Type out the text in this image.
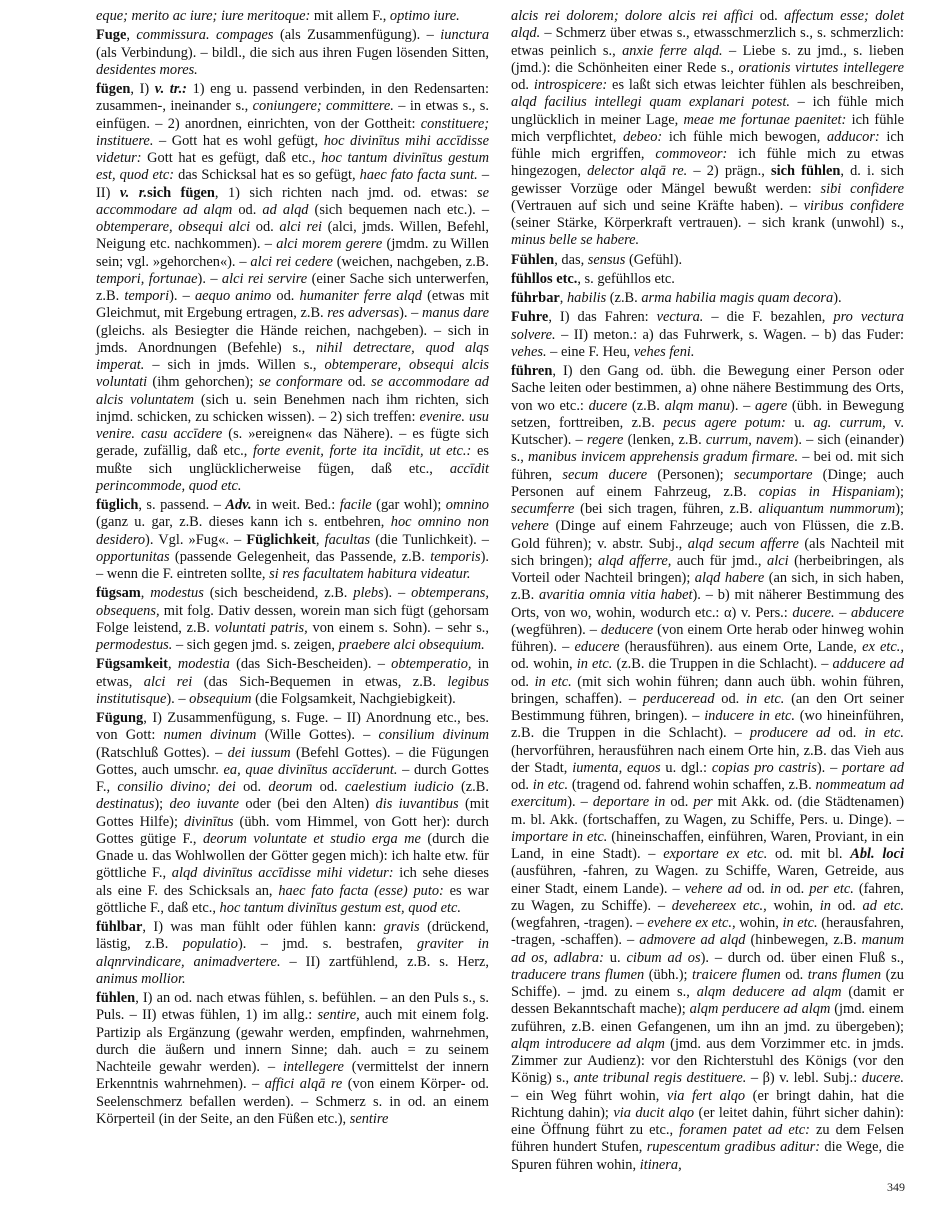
eque; merito ac iure; iure meritoque: mit allem F., optimo iure.

Fuge, commissura. compages (als Zusammenfügung). – iunctura (als Verbindung). – bildl., die sich aus ihren Fugen lösenden Sitten, desidentes mores.

fügen, I) v. tr.: 1) eng u. passend verbinden, in den Redensarten: zusammen-, ineinander s., coniungere; committere. – in etwas s., s. einfügen. – 2) anordnen, einrichten, von der Gottheit: constituere; instituere. – Gott hat es wohl gefügt, hoc divinītus mihi accīdisse videtur: Gott hat es gefügt, daß etc., hoc tantum divinītus gestum est, quod etc: das Schicksal hat es so gefügt, haec fato facta sunt. – II) v. r.sich fügen, 1) sich richten nach jmd. od. etwas: se accommodare ad alqm od. ad alqd (sich bequemen nach etc.). – obtemperare, obsequi alci od. alci rei (alci, jmds. Willen, Befehl, Neigung etc. nachkommen). – alci morem gerere (jmdm. zu Willen sein; vgl. »gehorchen«). – alci rei cedere (weichen, nachgeben, z.B. tempori, fortunae). – alci rei servire (einer Sache sich unterwerfen, z.B. tempori). – aequo animo od. humaniter ferre alqd (etwas mit Gleichmut, mit Ergebung ertragen, z.B. res adversas). – manus dare (gleichs. als Besiegter die Hände reichen, nachgeben). – sich in jmds. Anordnungen (Befehle) s., nihil detrectare, quod alqs imperat. – sich in jmds. Willen s., obtemperare, obsequi alcis voluntati (ihm gehorchen); se conformare od. se accommodare ad alcis voluntatem (sich u. sein Benehmen nach ihm richten, sich injmd. schicken, zu schicken wissen). – 2) sich treffen: evenire. usu venire. casu accīdere (s. »ereignen« das Nähere). – es fügte sich gerade, zufällig, daß etc., forte evenit, forte ita incīdit, ut etc.: es mußte sich unglücklicherweise fügen, daß etc., accīdit perincommode, quod etc.

füglich, s. passend. – Adv. in weit. Bed.: facile (gar wohl); omnino (ganz u. gar, z.B. dieses kann ich s. entbehren, hoc omnino non desidero). Vgl. »Fug«. – Füglichkeit, facultas (die Tunlichkeit). – opportunitas (passende Gelegenheit, das Passende, z.B. temporis). – wenn die F. eintreten sollte, si res facultatem habitura videatur.

fügsam, modestus (sich bescheidend, z.B. plebs). – obtemperans, obsequens, mit folg. Dativ dessen, worein man sich fügt (gehorsam Folge leistend, z.B. voluntati patris, von einem s. Sohn). – sehr s., permodestus. – sich gegen jmd. s. zeigen, praebere alci obsequium.

Fügsamkeit, modestia (das Sich-Bescheiden). – obtemperatio, in etwas, alci rei (das Sich-Bequemen in etwas, z.B. legibus institutisque). – obsequium (die Folgsamkeit, Nachgiebigkeit).

Fügung, I) Zusammenfügung, s. Fuge. – II) Anordnung etc., bes. von Gott: numen divinum (Wille Gottes). – consilium divinum (Ratschluß Gottes). – dei iussum (Befehl Gottes). – die Fügungen Gottes, auch umschr. ea, quae divinītus accīderunt. – durch Gottes F., consilio divino; dei od. deorum od. caelestium iudicio (z.B. destinatus); deo iuvante oder (bei den Alten) dis iuvantibus (mit Gottes Hilfe); divinītus (übh. vom Himmel, von Gott her): durch Gottes gütige F., deorum voluntate et studio erga me (durch die Gnade u. das Wohlwollen der Götter gegen mich): ich halte etw. für göttliche F., alqd divinītus accīdisse mihi videtur: ich sehe dieses als eine F. des Schicksals an, haec fato facta (esse) puto: es war göttliche F., daß etc., hoc tantum divinītus gestum est, quod etc.

fühlbar, I) was man fühlt oder fühlen kann: gravis (drückend, lästig, z.B. populatio). – jmd. s. bestrafen, graviter in alqnrvindicare, animadvertere. – II) zartfühlend, z.B. s. Herz, animus mollior.

fühlen, I) an od. nach etwas fühlen, s. befühlen. – an den Puls s., s. Puls. – II) etwas fühlen, 1) im allg.: sentire, auch mit einem folg. Partizip als Ergänzung (gewahr werden, empfinden, wahrnehmen, durch die äußern und innern Sinne; dah. auch = zu seinem Nachteile gewahr werden). – intellegere (vermittelst der innern Erkenntnis wahrnehmen). – affici alqā re (von einem Körper- od. Seelenschmerz befallen werden). – Schmerz s. in od. an einem Körperteil (in der Seite, an den Füßen etc.), sentire

alcis rei dolorem; dolore alcis rei affici od. affectum esse; dolet alqd. – Schmerz über etwas s., etwasschmerzlich s., s. schmerzlich: etwas peinlich s., anxie ferre alqd. – Liebe s. zu jmd., s. lieben (jmd.): die Schönheiten einer Rede s., orationis virtutes intellegere od. introspicere: es laßt sich etwas leichter fühlen als beschreiben, alqd facilius intellegi quam explanari potest. – ich fühle mich unglücklich in meiner Lage, meae me fortunae paenitet: ich fühle mich verpflichtet, debeo: ich fühle mich bewogen, adducor: ich fühle mich ergriffen, commoveor: ich fühle mich zu etwas hingezogen, delector alqā re. – 2) prägn., sich fühlen, d. i. sich gewisser Vorzüge oder Mängel bewußt werden: sibi confidere (Vertrauen auf sich und seine Kräfte haben). – viribus confidere (seiner Stärke, Körperkraft vertrauen). – sich krank (unwohl) s., minus belle se habere.

Fühlen, das, sensus (Gefühl).

fühllos etc., s. gefühllos etc.

führbar, habilis (z.B. arma habilia magis quam decora).

Fuhre, I) das Fahren: vectura. – die F. bezahlen, pro vectura solvere. – II) meton.: a) das Fuhrwerk, s. Wagen. – b) das Fuder: vehes. – eine F. Heu, vehes feni.

führen, I) den Gang od. übh. die Bewegung einer Person oder Sache leiten oder bestimmen, a) ohne nähere Bestimmung des Orts, von wo etc.: ducere (z.B. alqm manu). – agere (übh. in Bewegung setzen, forttreiben, z.B. pecus agere potum: u. ag. currum, v. Kutscher). – regere (lenken, z.B. currum, navem). – sich (einander) s., manibus invicem apprehensis gradum firmare. – bei od. mit sich führen, secum ducere (Personen); secumportare (Dinge; auch Personen auf einem Fahrzeug, z.B. copias in Hispaniam); secumferre (bei sich tragen, führen, z.B. aliquantum nummorum); vehere (Dinge auf einem Fahrzeuge; auch von Flüssen, die z.B. Gold führen); v. abstr. Subj., alqd secum afferre (als Nachteil mit sich bringen); alqd afferre, auch für jmd., alci (herbeibringen, als Vorteil oder Nachteil bringen); alqd habere (an sich, in sich haben, z.B. avaritia omnia vitia habet). – b) mit näherer Bestimmung des Orts, von wo, wohin, wodurch etc.: α) v. Pers.: ducere. – abducere (wegführen). – deducere (von einem Orte herab oder hinweg wohin führen). – educere (herausführen). aus einem Orte, Lande, ex etc., od. wohin, in etc. (z.B. die Truppen in die Schlacht). – adducere ad od. in etc. (mit sich wohin führen; dann auch übh. wohin führen, bringen, schaffen). – perduceread od. in etc. (an den Ort seiner Bestimmung führen, bringen). – inducere in etc. (wo hineinführen, z.B. die Truppen in die Schlacht). – producere ad od. in etc. (hervorführen, herausführen nach einem Orte hin, z.B. das Vieh aus der Stadt, iumenta, equos u. dgl.: copias pro castris). – portare ad od. in etc. (tragend od. fahrend wohin schaffen, z.B. nommeatum ad exercitum). – deportare in od. per mit Akk. od. (die Städtenamen) m. bl. Akk. (fortschaffen, zu Wagen, zu Schiffe, Pers. u. Dinge). – importare in etc. (hineinschaffen, einführen, Waren, Proviant, in ein Land, in eine Stadt). – exportare ex etc. od. mit bl. Abl. loci (ausführen, -fahren, zu Wagen. zu Schiffe, Waren, Getreide, aus einer Stadt, einem Lande). – vehere ad od. in od. per etc. (fahren, zu Wagen, zu Schiffe). – devehereex etc., wohin, in od. ad etc. (wegfahren, -tragen). – evehere ex etc., wohin, in etc. (herausfahren, -tragen, -schaffen). – admovere ad alqd (hinbewegen, z.B. manum ad os, adlabra: u. cibum ad os). – durch od. über einen Fluß s., traducere trans flumen (übh.); traicere flumen od. trans flumen (zu Schiffe). – jmd. zu einem s., alqm deducere ad alqm (damit er dessen Bekanntschaft mache); alqm perducere ad alqm (jmd. einem zuführen, z.B. einen Gefangenen, um ihn an jmd. zu übergeben); alqm introducere ad alqm (jmd. aus dem Vorzimmer etc. in jmds. Zimmer zur Audienz): vor den Richterstuhl des Königs (vor den König) s., ante tribunal regis destituere. – β) v. lebl. Subj.: ducere. – ein Weg führt wohin, via fert alqo (er bringt dahin, hat die Richtung dahin); via ducit alqo (er leitet dahin, führt sicher dahin): eine Öffnung führt zu etc., foramen patet ad etc: zu dem Felsen führen hundert Stufen, rupescentum gradibus aditur: die Wege, die Spuren führen wohin, itinera,

349
